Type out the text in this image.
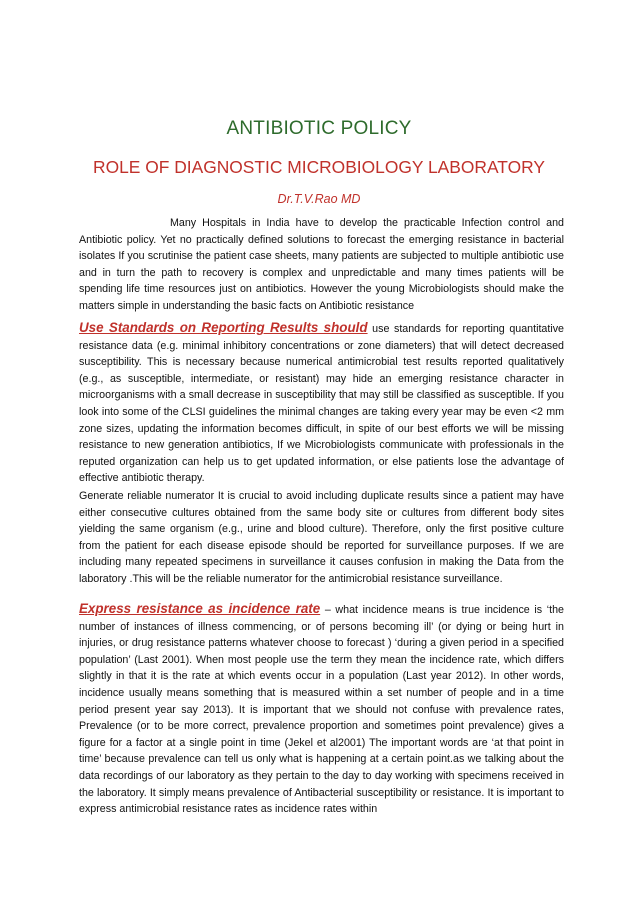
ANTIBIOTIC POLICY
ROLE OF DIAGNOSTIC MICROBIOLOGY LABORATORY
Dr.T.V.Rao MD
Many Hospitals in India have to develop the practicable Infection control and Antibiotic policy. Yet no practically defined solutions to forecast the emerging resistance in bacterial isolates If you scrutinise the patient case sheets, many patients are subjected to multiple antibiotic use and in turn the path to recovery is complex and unpredictable and many times patients will be spending life time resources just on antibiotics. However the young Microbiologists should make the matters simple in understanding the basic facts on Antibiotic resistance
Use Standards on Reporting Results should use standards for reporting quantitative resistance data (e.g. minimal inhibitory concentrations or zone diameters) that will detect decreased susceptibility. This is necessary because numerical antimicrobial test results reported qualitatively (e.g., as susceptible, intermediate, or resistant) may hide an emerging resistance character in microorganisms with a small decrease in susceptibility that may still be classified as susceptible. If you look into some of the CLSI guidelines the minimal changes are taking every year may be even <2 mm zone sizes, updating the information becomes difficult, in spite of our best efforts we will be missing resistance to new generation antibiotics, If we Microbiologists communicate with professionals in the reputed organization can help us to get updated information, or else patients lose the advantage of effective antibiotic therapy.
Generate reliable numerator It is crucial to avoid including duplicate results since a patient may have either consecutive cultures obtained from the same body site or cultures from different body sites yielding the same organism (e.g., urine and blood culture). Therefore, only the first positive culture from the patient for each disease episode should be reported for surveillance purposes. If we are including many repeated specimens in surveillance it causes confusion in making the Data from the laboratory .This will be the reliable numerator for the antimicrobial resistance surveillance.
Express resistance as incidence rate – what incidence means is true incidence is ‘the number of instances of illness commencing, or of persons becoming ill’ (or dying or being hurt in injuries, or drug resistance patterns whatever choose to forecast ) ‘during a given period in a specified population’ (Last 2001). When most people use the term they mean the incidence rate, which differs slightly in that it is the rate at which events occur in a population (Last year 2012). In other words, incidence usually means something that is measured within a set number of people and in a time period present year say 2013). It is important that we should not confuse with prevalence rates, Prevalence (or to be more correct, prevalence proportion and sometimes point prevalence) gives a figure for a factor at a single point in time (Jekel et al2001) The important words are ‘at that point in time’ because prevalence can tell us only what is happening at a certain point.as we talking about the data recordings of our laboratory as they pertain to the day to day working with specimens received in the laboratory. It simply means prevalence of Antibacterial susceptibility or resistance. It is important to express antimicrobial resistance rates as incidence rates within
